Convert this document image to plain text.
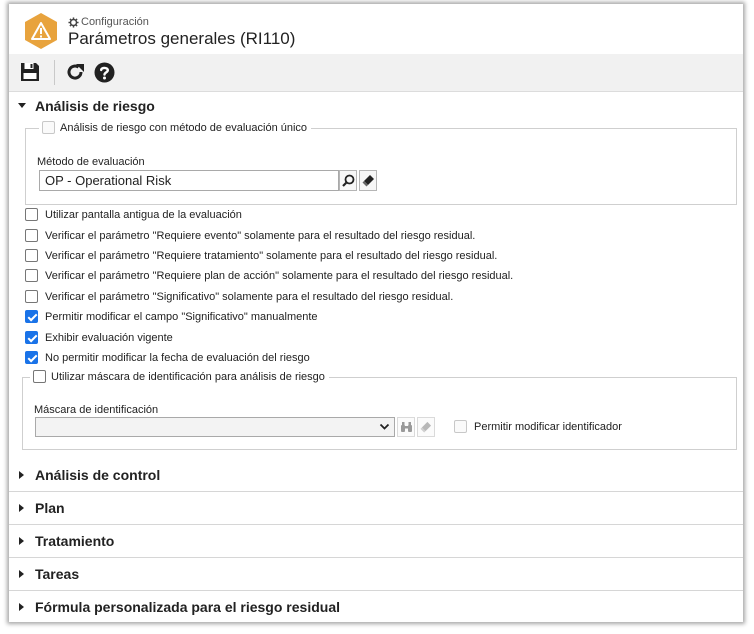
Configuración
Parámetros generales (RI110)
Análisis de riesgo
Análisis de riesgo con método de evaluación único
Método de evaluación
OP - Operational Risk
Utilizar pantalla antigua de la evaluación
Verificar el parámetro "Requiere evento" solamente para el resultado del riesgo residual.
Verificar el parámetro "Requiere tratamiento" solamente para el resultado del riesgo residual.
Verificar el parámetro "Requiere plan de acción" solamente para el resultado del riesgo residual.
Verificar el parámetro "Significativo" solamente para el resultado del riesgo residual.
Permitir modificar el campo "Significativo" manualmente
Exhibir evaluación vigente
No permitir modificar la fecha de evaluación del riesgo
Utilizar máscara de identificación para análisis de riesgo
Máscara de identificación
Permitir modificar identificador
Análisis de control
Plan
Tratamiento
Tareas
Fórmula personalizada para el riesgo residual
